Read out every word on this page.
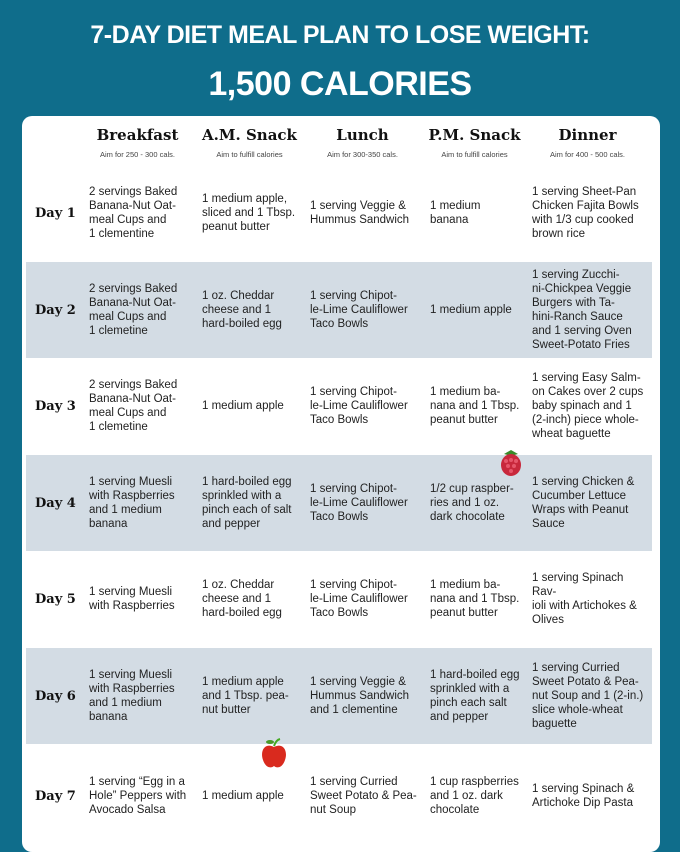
7-DAY DIET MEAL PLAN TO LOSE WEIGHT:
1,500 CALORIES
Breakfast
Aim for 250 - 300 cals.
A.M. Snack
Aim to fulfill calories
Lunch
Aim for 300-350 cals.
P.M. Snack
Aim to fulfill calories
Dinner
Aim for 400 - 500 cals.
Day 1
2 servings Baked
Banana-Nut Oat-
meal Cups and
1 clementine
1 medium apple,
sliced and 1 Tbsp.
peanut butter
1 serving Veggie &
Hummus Sandwich
1 medium
banana
1 serving Sheet-Pan
Chicken Fajita Bowls
with 1/3 cup cooked
brown rice
Day 2
2 servings Baked
Banana-Nut Oat-
meal Cups and
1 clemetine
1 oz. Cheddar
cheese and 1
hard-boiled egg
1 serving Chipot-
le-Lime Cauliflower
Taco Bowls
1 medium apple
1 serving Zucchi-
ni-Chickpea Veggie
Burgers with Ta-
hini-Ranch Sauce
and 1 serving Oven
Sweet-Potato Fries
Day 3
2 servings Baked
Banana-Nut Oat-
meal Cups and
1 clemetine
1 medium apple
1 serving Chipot-
le-Lime Cauliflower
Taco Bowls
1 medium ba-
nana and 1 Tbsp.
peanut butter
1 serving Easy Salm-
on Cakes over 2 cups
baby spinach and 1
(2-inch) piece whole-
wheat baguette
Day 4
1 serving Muesli
with Raspberries
and 1 medium
banana
1 hard-boiled egg
sprinkled with a
pinch each of salt
and pepper
1 serving Chipot-
le-Lime Cauliflower
Taco Bowls
1/2 cup raspber-
ries and 1 oz.
dark chocolate
1 serving Chicken &
Cucumber Lettuce
Wraps with Peanut
Sauce
Day 5 1 serving Muesli
with Raspberries
1 oz. Cheddar
cheese and 1
hard-boiled egg
1 serving Chipot-
le-Lime Cauliflower
Taco Bowls
1 medium ba-
nana and 1 Tbsp.
peanut butter
1 serving Spinach Rav-
ioli with Artichokes &
Olives
Day 6
1 serving Muesli
with Raspberries
and 1 medium
banana
1 medium apple
and 1 Tbsp. pea-
nut butter
1 serving Veggie &
Hummus Sandwich
and 1 clementine
1 hard-boiled egg
sprinkled with a
pinch each salt
and pepper
1 serving Curried
Sweet Potato & Pea-
nut Soup and 1 (2-in.)
slice whole-wheat
baguette
Day 7
1 serving “Egg in a
Hole” Peppers with
Avocado Salsa
1 medium apple
1 serving Curried
Sweet Potato & Pea-
nut Soup
1 cup raspberries
and 1 oz. dark
chocolate
1 serving Spinach &
Artichoke Dip Pasta
